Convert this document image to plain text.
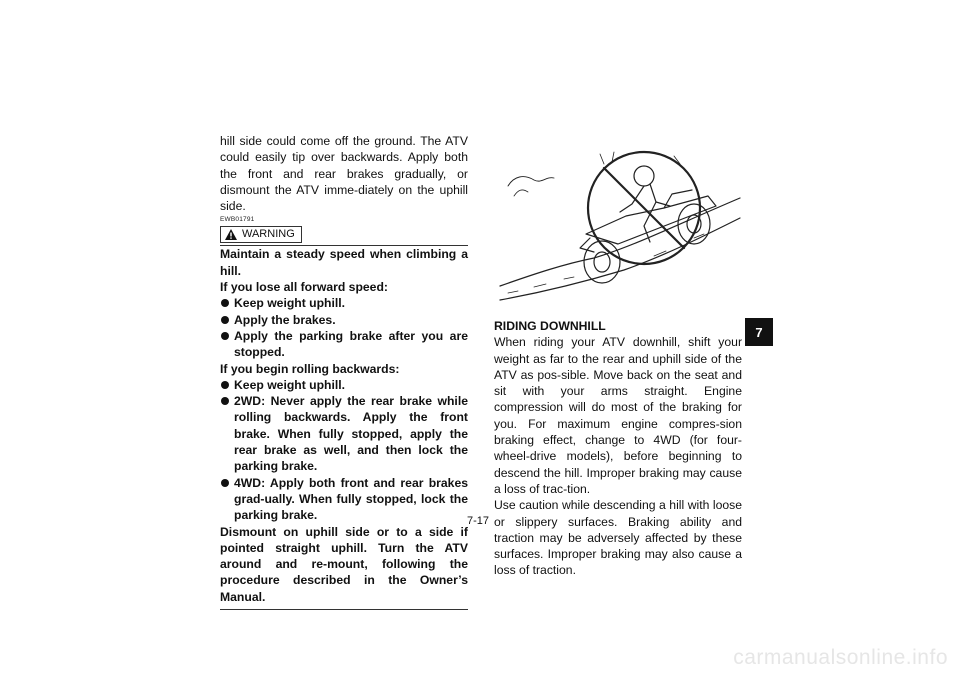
hill side could come off the ground. The ATV could easily tip over backwards. Apply both the front and rear brakes gradually, or dismount the ATV imme-diately on the uphill side.

EWB01791
WARNING

Maintain a steady speed when climbing a hill.

If you lose all forward speed:

Keep weight uphill.
Apply the brakes.
Apply the parking brake after you are stopped.

If you begin rolling backwards:

Keep weight uphill.
2WD: Never apply the rear brake while rolling backwards. Apply the front brake. When fully stopped, apply the rear brake as well, and then lock the parking brake.
4WD: Apply both front and rear brakes grad-ually. When fully stopped, lock the parking brake.

Dismount on uphill side or to a side if pointed straight uphill. Turn the ATV around and re-mount, following the procedure described in the Owner’s Manual.

RIDING DOWNHILL

When riding your ATV downhill, shift your weight as far to the rear and uphill side of the ATV as pos-sible. Move back on the seat and sit with your arms straight. Engine compression will do most of the braking for you. For maximum engine compres-sion braking effect, change to 4WD (for four-wheel-drive models), before beginning to descend the hill. Improper braking may cause a loss of trac-tion.

Use caution while descending a hill with loose or slippery surfaces. Braking ability and traction may be adversely affected by these surfaces. Improper braking may also cause a loss of traction.

7
7-17
carmanualsonline.info
